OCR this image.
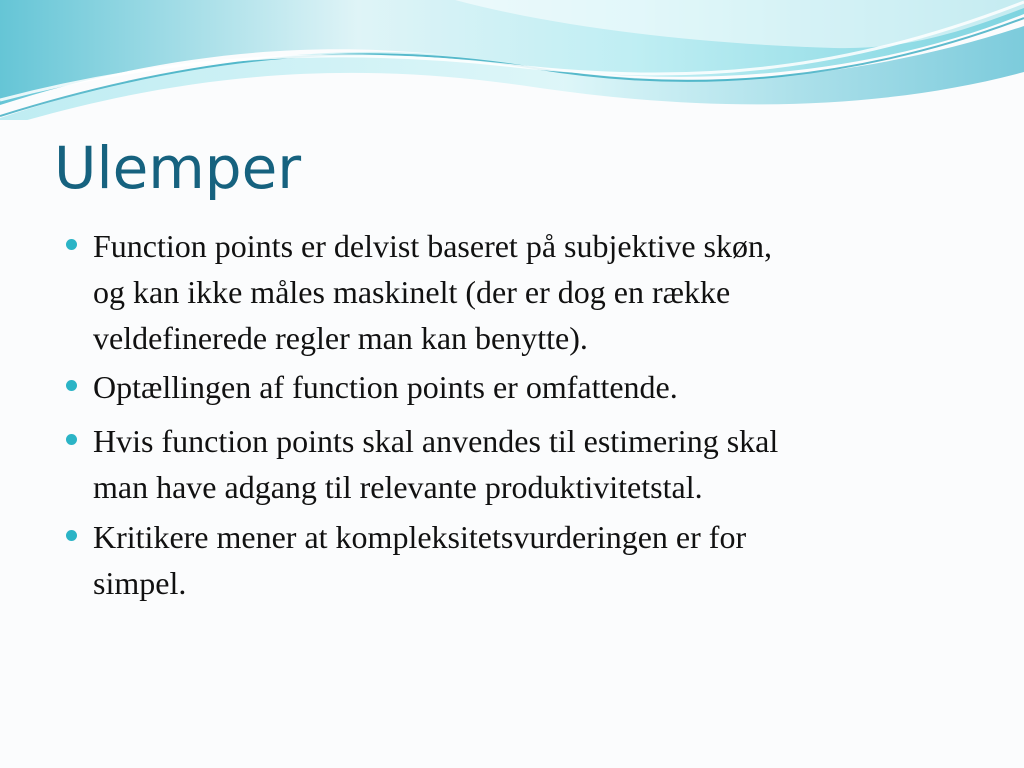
Ulemper

Function points er delvist baseret på subjektive skøn,
og kan ikke måles maskinelt (der er dog en række
veldefinerede regler man kan benytte).

Optællingen af function points er omfattende.

Hvis function points skal anvendes til estimering skal
man have adgang til relevante produktivitetstal.

Kritikere mener at kompleksitetsvurderingen er for
simpel.
